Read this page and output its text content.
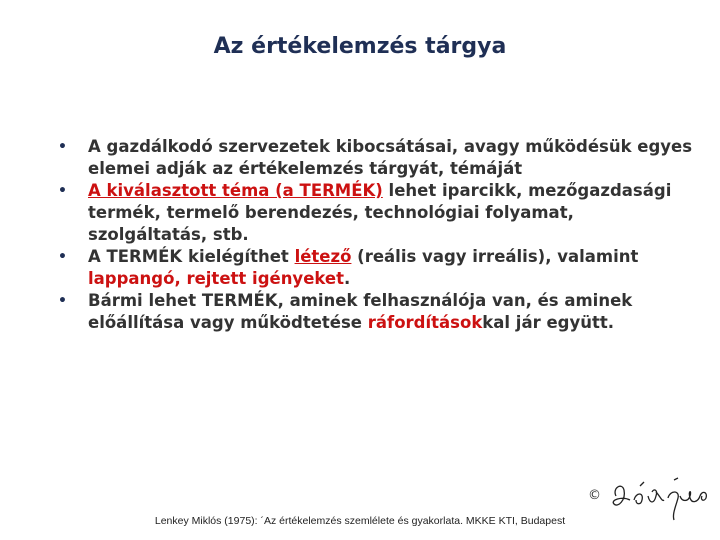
Az értékelemzés tárgya
• A gazdálkodó szervezetek kibocsátásai, avagy működésük egyes elemei adják az értékelemzés tárgyát, témáját
• A kiválasztott téma (a TERMÉK) lehet iparcikk, mezőgazdasági termék, termelő berendezés, technológiai folyamat, szolgáltatás, stb.
• A TERMÉK kielégíthet létező (reális vagy irreális), valamint lappangó, rejtett igényeket.
• Bármi lehet TERMÉK, aminek felhasználója van, és aminek előállítása vagy működtetése ráfordításokkal jár együtt.
©
Lenkey Miklós (1975): ´Az értékelemzés szemlélete és gyakorlata. MKKE KTI, Budapest
